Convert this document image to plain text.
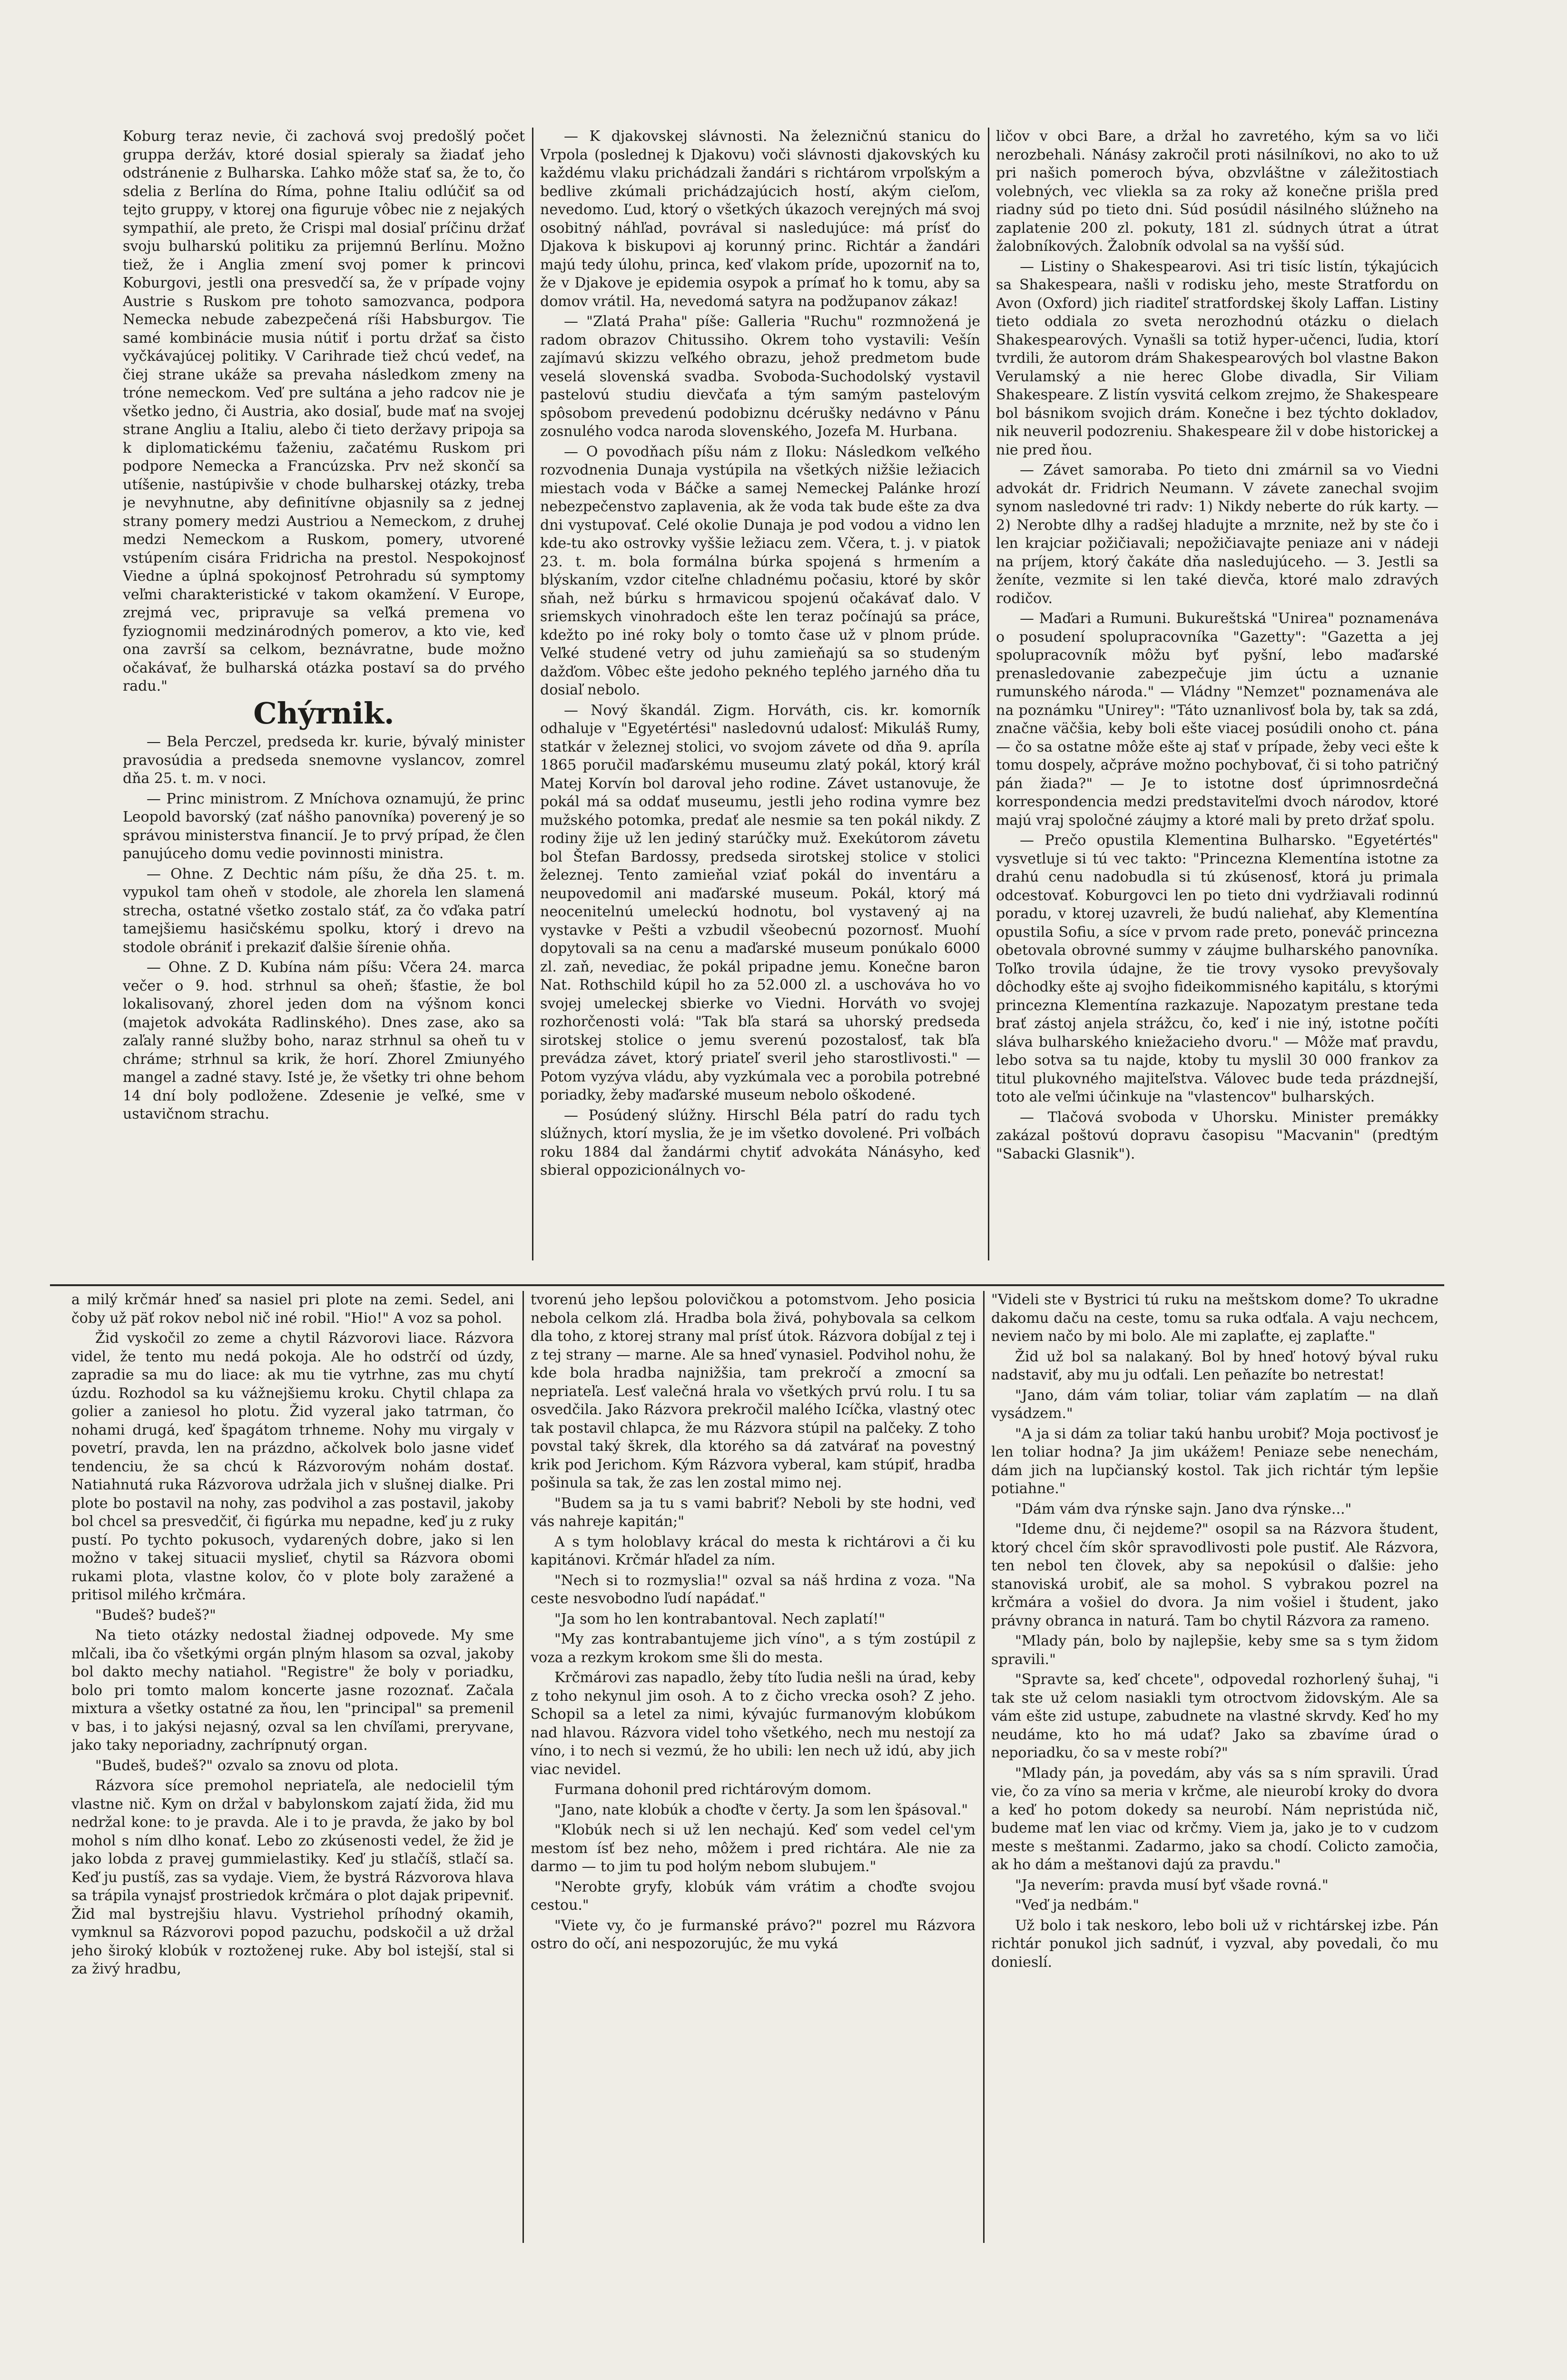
Koburg teraz nevie, či zachová svoj predošlý počet gruppa deržáv, ktoré dosial spieraly sa žiadať jeho odstránenie z Bulharska. Ľahko môže stať sa, že to, čo sdelia z Berlína do Ríma, pohne Italiu odlúčiť sa od tejto gruppy, v ktorej ona figuruje vôbec nie z nejakých sympathií, ale preto, že Crispi mal dosiaľ príčinu držať svoju bulharskú politiku za prijemnú Berlínu. Možno tiež, že i Anglia zmení svoj pomer k princovi Koburgovi, jestli ona presvedčí sa, že v prípade vojny Austrie s Ruskom pre tohoto samozvanca, podpora Nemecka nebude zabezpečená ríši Habsburgov. Tie samé kombinácie musia nútiť i portu držať sa čisto vyčkávajúcej politiky. V Carihrade tiež chcú vedeť, na čiej strane ukáže sa prevaha následkom zmeny na tróne nemeckom. Veď pre sultána a jeho radcov nie je všetko jedno, či Austria, ako dosiaľ, bude mať na svojej strane Angliu a Italiu, alebo či tieto deržavy pripoja sa k diplomatickému ťaženiu, začatému Ruskom pri podpore Nemecka a Francúzska. Prv než skončí sa utíšenie, nastúpivšie v chode bulharskej otázky, treba je nevyhnutne, aby definitívne objasnily sa z jednej strany pomery medzi Austriou a Nemeckom, z druhej medzi Nemeckom a Ruskom, pomery, utvorené vstúpením cisára Fridricha na prestol. Nespokojnosť Viedne a úplná spokojnosť Petrohradu sú symptomy veľmi charakteristické v takom okamžení. V Europe, zrejmá vec, pripravuje sa veľká premena vo fyziognomii medzinárodných pomerov, a kto vie, keď ona završí sa celkom, beznávratne, bude možno očakávať, že bulharská otázka postaví sa do prvého radu."

Chýrnik.

— Bela Perczel, predseda kr. kurie, bývalý minister pravosúdia a predseda snemovne vyslancov, zomrel dňa 25. t. m. v noci.

— Princ ministrom. Z Mníchova oznamujú, že princ Leopold bavorský (zať nášho panovníka) poverený je so správou ministerstva financií. Je to prvý prípad, že člen panujúceho domu vedie povinnosti ministra.

— Ohne. Z Dechtic nám píšu, že dňa 25. t. m. vypukol tam oheň v stodole, ale zhorela len slamená strecha, ostatné všetko zostalo stáť, za čo vďaka patrí tamejšiemu hasičskému spolku, ktorý i drevo na stodole obrániť i prekaziť ďalšie šírenie ohňa.

— Ohne. Z D. Kubína nám píšu: Včera 24. marca večer o 9. hod. strhnul sa oheň; šťastie, že bol lokalisovaný, zhorel jeden dom na výšnom konci (majetok advokáta Radlinského). Dnes zase, ako sa zaľaly ranné služby boho, naraz strhnul sa oheň tu v chráme; strhnul sa krik, že horí. Zhorel Zmiunyého mangel a zadné stavy. Isté je, že všetky tri ohne behom 14 dní boly podložene. Zdesenie je veľké, sme v ustavičnom strachu.

— K djakovskej slávnosti. Na železničnú stanicu do Vrpola (poslednej k Djakovu) voči slávnosti djakovských ku každému vlaku prichádzali žandári s richtárom vrpoľským a bedlive zkúmali prichádzajúcich hostí, akým cieľom, nevedomo. Ľud, ktorý o všetkých úkazoch verejných má svoj osobitný náhľad, povrával si nasledujúce: má prísť do Djakova k biskupovi aj korunný princ. Richtár a žandári majú tedy úlohu, princa, keď vlakom príde, upozorniť na to, že v Djakove je epidemia osypok a prímať ho k tomu, aby sa domov vrátil. Ha, nevedomá satyra na podžupanov zákaz!

— "Zlatá Praha" píše: Galleria "Ruchu" rozmnožená je radom obrazov Chitussiho. Okrem toho vystavili: Vešín zajímavú skizzu veľkého obrazu, jehož predmetom bude veselá slovenská svadba. Svoboda-Suchodolský vystavil pastelovú studiu dievčaťa a tým samým pastelovým spôsobom prevedenú podobiznu dcérušky nedávno v Pánu zosnulého vodca naroda slovenského, Jozefa M. Hurbana.

— O povodňach píšu nám z Iloku: Následkom veľkého rozvodnenia Dunaja vystúpila na všetkých nižšie ležiacich miestach voda v Báčke a samej Nemeckej Palánke hrozí nebezpečenstvo zaplavenia, ak že voda tak bude ešte za dva dni vystupovať. Celé okolie Dunaja je pod vodou a vidno len kde-tu ako ostrovky vyššie ležiacu zem. Včera, t. j. v piatok 23. t. m. bola formálna búrka spojená s hrmením a blýskaním, vzdor citeľne chladnému počasiu, ktoré by skôr sňah, než búrku s hrmavicou spojenú očakávať dalo. V sriemskych vinohradoch ešte len teraz počínajú sa práce, kdežto po iné roky boly o tomto čase už v plnom prúde. Veľké studené vetry od juhu zamieňajú sa so studeným dažďom. Vôbec ešte jedoho pekného teplého jarného dňa tu dosiaľ nebolo.

— Nový škandál. Zigm. Horváth, cis. kr. komorník odhaluje v "Egyetértési" nasledovnú udalosť: Mikuláš Rumy, statkár v železnej stolici, vo svojom závete od dňa 9. apríla 1865 poručil maďarskému museumu zlatý pokál, ktorý kráľ Matej Korvín bol daroval jeho rodine. Závet ustanovuje, že pokál má sa oddať museumu, jestli jeho rodina vymre bez mužského potomka, predať ale nesmie sa ten pokál nikdy. Z rodiny žije už len jediný starúčky muž. Exekútorom závetu bol Štefan Bardossy, predseda sirotskej stolice v stolici železnej. Tento zamieňal vziať pokál do inventáru a neupovedomil ani maďarské museum. Pokál, ktorý má neocenitelnú umeleckú hodnotu, bol vystavený aj na vystavke v Pešti a vzbudil všeobecnú pozornosť. Muohí dopytovali sa na cenu a maďarské museum ponúkalo 6000 zl. zaň, nevediac, že pokál pripadne jemu. Konečne baron Nat. Rothschild kúpil ho za 52.000 zl. a uschováva ho vo svojej umeleckej sbierke vo Viedni. Horváth vo svojej rozhorčenosti volá: "Tak bľa stará sa uhorský predseda sirotskej stolice o jemu sverenú pozostalosť, tak bľa prevádza závet, ktorý priateľ sveril jeho starostlivosti." — Potom vyzýva vládu, aby vyzkúmala vec a porobila potrebné poriadky, žeby maďarské museum nebolo oškodené.

— Posúdený slúžny. Hirschl Béla patrí do radu tych slúžnych, ktorí myslia, že je im všetko dovolené. Pri voľbách roku 1884 dal žandármi chytiť advokáta Nánásyho, keď sbieral oppozicionálnych vo-

ličov v obci Bare, a držal ho zavretého, kým sa vo liči nerozbehali. Nánásy zakročil proti násilníkovi, no ako to už pri našich pomeroch býva, obzvláštne v záležitostiach volebných, vec vliekla sa za roky až konečne prišla pred riadny súd po tieto dni. Súd posúdil násilného slúžneho na zaplatenie 200 zl. pokuty, 181 zl. súdnych útrat a útrat žalobníkových. Žalobník odvolal sa na vyšší súd.

— Listiny o Shakespearovi. Asi tri tisíc listín, týkajúcich sa Shakespeara, našli v rodisku jeho, meste Stratfordu on Avon (Oxford) jich riaditeľ stratfordskej školy Laffan. Listiny tieto oddiala zo sveta nerozhodnú otázku o dielach Shakespearových. Vynašli sa totiž hyper-učenci, ľudia, ktorí tvrdili, že autorom drám Shakespearových bol vlastne Bakon Verulamský a nie herec Globe divadla, Sir Viliam Shakespeare. Z listín vysvitá celkom zrejmo, že Shakespeare bol básnikom svojich drám. Konečne i bez týchto dokladov, nik neuveril podozreniu. Shakespeare žil v dobe historickej a nie pred ňou.

— Závet samoraba. Po tieto dni zmárnil sa vo Viedni advokát dr. Fridrich Neumann. V závete zanechal svojim synom nasledovné tri radv: 1) Nikdy neberte do rúk karty. — 2) Nerobte dlhy a radšej hladujte a mrznite, než by ste čo i len krajciar požičiavali; nepožičiavajte peniaze ani v nádeji na príjem, ktorý čakáte dňa nasledujúceho. — 3. Jestli sa ženíte, vezmite si len také dievča, ktoré malo zdravých rodičov.

— Maďari a Rumuni. Bukureštská "Unirea" poznamenáva o posudení spolupracovníka "Gazetty": "Gazetta a jej spolupracovník môžu byť pyšní, lebo maďarské prenasledovanie zabezpečuje jim úctu a uznanie rumunského národa." — Vládny "Nemzet" poznamenáva ale na poznámku "Unirey": "Táto uznanlivosť bola by, tak sa zdá, značne väčšia, keby boli ešte viacej posúdili onoho ct. pána — čo sa ostatne môže ešte aj stať v prípade, žeby veci ešte k tomu dospely, ačpráve možno pochybovať, či si toho patričný pán žiada?" — Je to istotne dosť úprimnosrdečná korrespondencia medzi predstaviteľmi dvoch národov, ktoré majú vraj spoločné záujmy a ktoré mali by preto držať spolu.

— Prečo opustila Klementina Bulharsko. "Egyetértés" vysvetluje si tú vec takto: "Princezna Klementína istotne za drahú cenu nadobudla si tú zkúsenosť, ktorá ju primala odcestovať. Koburgovci len po tieto dni vydržiavali rodinnú poradu, v ktorej uzavreli, že budú naliehať, aby Klementína opustila Sofiu, a síce v prvom rade preto, poneváč princezna obetovala obrovné summy v záujme bulharského panovníka. Toľko trovila údajne, že tie trovy vysoko prevyšovaly dôchodky ešte aj svojho fideikommisného kapitálu, s ktorými princezna Klementína razkazuje. Napozatym prestane teda brať zástoj anjela strážcu, čo, keď i nie iný, istotne počíti sláva bulharského kniežacieho dvoru." — Môže mať pravdu, lebo sotva sa tu najde, ktoby tu myslil 30 000 frankov za titul plukovného majiteľstva. Válovec bude teda prázdnejší, toto ale veľmi účinkuje na "vlastencov" bulharských.

— Tlačová svoboda v Uhorsku. Minister premákky zakázal poštovú dopravu časopisu "Macvanin" (predtým "Sabacki Glasnik").

a milý krčmár hneď sa nasiel pri plote na zemi. Sedel, ani čoby už päť rokov nebol nič iné robil. "Hio!" A voz sa pohol.

Žid vyskočil zo zeme a chytil Rázvorovi liace. Rázvora videl, že tento mu nedá pokoja. Ale ho odstrčí od úzdy, zapradie sa mu do liace: ak mu tie vytrhne, zas mu chytí úzdu. Rozhodol sa ku vážnejšiemu kroku. Chytil chlapa za golier a zaniesol ho plotu. Žid vyzeral jako tatrman, čo nohami drugá, keď špagátom trhneme. Nohy mu virgaly v povetrí, pravda, len na prázdno, ačkolvek bolo jasne videť tendenciu, že sa chcú k Rázvorovým nohám dostať. Natiahnutá ruka Rázvorova udržala jich v slušnej dialke. Pri plote bo postavil na nohy, zas podvihol a zas postavil, jakoby bol chcel sa presvedčiť, či figúrka mu nepadne, keď ju z ruky pustí. Po tychto pokusoch, vydarených dobre, jako si len možno v takej situacii myslieť, chytil sa Rázvora obomi rukami plota, vlastne kolov, čo v plote boly zaražené a pritisol milého krčmára.

"Budeš? budeš?"

Na tieto otázky nedostal žiadnej odpovede. My sme mlčali, iba čo všetkými orgán plným hlasom sa ozval, jakoby bol dakto mechy natiahol. "Registre" že boly v poriadku, bolo pri tomto malom koncerte jasne rozoznať. Začala mixtura a všetky ostatné za ňou, len "principal" sa premenil v bas, i to jakýsi nejasný, ozval sa len chvíľami, preryvane, jako taky neporiadny, zachrípnutý organ.

"Budeš, budeš?" ozvalo sa znovu od plota.

Rázvora síce premohol nepriateľa, ale nedocielil tým vlastne nič. Kym on držal v babylonskom zajatí žida, žid mu nedržal kone: to je pravda. Ale i to je pravda, že jako by bol mohol s ním dlho konať. Lebo zo zkúsenosti vedel, že žid je jako lobda z pravej gummielastiky. Keď ju stlačíš, stlačí sa. Keď ju pustíš, zas sa vydaje. Viem, že bystrá Rázvorova hlava sa trápila vynajsť prostriedok krčmára o plot dajak pripevniť. Žid mal bystrejšiu hlavu. Vystriehol príhodný okamih, vymknul sa Rázvorovi popod pazuchu, podskočil a už držal jeho široký klobúk v roztoženej ruke. Aby bol istejší, stal si za živý hradbu,

tvorenú jeho lepšou polovičkou a potomstvom. Jeho posicia nebola celkom zlá. Hradba bola živá, pohybovala sa celkom dla toho, z ktorej strany mal prísť útok. Rázvora dobíjal z tej i z tej strany — marne. Ale sa hneď vynasiel. Podvihol nohu, že kde bola hradba najnižšia, tam prekročí a zmocní sa nepriateľa. Lesť valečná hrala vo všetkých prvú rolu. I tu sa osvedčila. Jako Rázvora prekročil malého Icíčka, vlastný otec tak postavil chlapca, že mu Rázvora stúpil na palčeky. Z toho povstal taký škrek, dla ktorého sa dá zatvárať na povestný krik pod Jerichom. Kým Rázvora vyberal, kam stúpiť, hradba pošinula sa tak, že zas len zostal mimo nej.

"Budem sa ja tu s vami babriť? Neboli by ste hodni, veď vás nahreje kapitán;"

A s tym holoblavy krácal do mesta k richtárovi a či ku kapitánovi. Krčmár hľadel za ním.

"Nech si to rozmyslia!" ozval sa náš hrdina z voza. "Na ceste nesvobodno ľudí napádať."

"Ja som ho len kontrabantoval. Nech zaplatí!"

"My zas kontrabantujeme jich víno", a s tým zostúpil z voza a rezkym krokom sme šli do mesta.

Krčmárovi zas napadlo, žeby títo ľudia nešli na úrad, keby z toho nekynul jim osoh. A to z čicho vrecka osoh? Z jeho. Schopil sa a letel za nimi, kývajúc furmanovým klobúkom nad hlavou. Rázvora videl toho všetkého, nech mu nestojí za víno, i to nech si vezmú, že ho ubili: len nech už idú, aby jich viac nevidel.

Furmana dohonil pred richtárovým domom.

"Jano, nate klobúk a choďte v čerty. Ja som len špásoval."

"Klobúk nech si už len nechajú. Keď som vedel cel'ym mestom ísť bez neho, môžem i pred richtára. Ale nie za darmo — to jim tu pod holým nebom slubujem."

"Nerobte gryfy, klobúk vám vrátim a choďte svojou cestou."

"Viete vy, čo je furmanské právo?" pozrel mu Rázvora ostro do očí, ani nespozorujúc, že mu vyká

"Videli ste v Bystrici tú ruku na meštskom dome? To ukradne dakomu daču na ceste, tomu sa ruka odťala. A vaju nechcem, neviem načo by mi bolo. Ale mi zaplaťte, ej zaplaťte."

Žid už bol sa nalakaný. Bol by hneď hotový býval ruku nadstaviť, aby mu ju odťali. Len peňazíte bo netrestat!

"Jano, dám vám toliar, toliar vám zaplatím — na dlaň vysádzem."

"A ja si dám za toliar takú hanbu urobiť? Moja poctivosť je len toliar hodna? Ja jim ukážem! Peniaze sebe nenechám, dám jich na lupčianský kostol. Tak jich richtár tým lepšie potiahne."

"Dám vám dva rýnske sajn. Jano dva rýnske..."

"Ideme dnu, či nejdeme?" osopil sa na Rázvora študent, ktorý chcel čím skôr spravodlivosti pole pustiť. Ale Rázvora, ten nebol ten človek, aby sa nepokúsil o ďalšie: jeho stanoviská urobiť, ale sa mohol. S vybrakou pozrel na krčmára a vošiel do dvora. Ja nim vošiel i študent, jako právny obranca in naturá. Tam bo chytil Rázvora za rameno.

"Mlady pán, bolo by najlepšie, keby sme sa s tym židom spravili."

"Spravte sa, keď chcete", odpovedal rozhorlený šuhaj, "i tak ste už celom nasiakli tym otroctvom židovským. Ale sa vám ešte zid ustupe, zabudnete na vlastné skrvdy. Keď ho my neudáme, kto ho má udať? Jako sa zbavíme úrad o neporiadku, čo sa v meste robí?"

"Mlady pán, ja povedám, aby vás sa s ním spravili. Úrad vie, čo za víno sa meria v krčme, ale nieurobí kroky do dvora a keď ho potom dokedy sa neurobí. Nám nepristúda nič, budeme mať len viac od krčmy. Viem ja, jako je to v cudzom meste s meštanmi. Zadarmo, jako sa chodí. Colicto zamočia, ak ho dám a meštanovi dajú za pravdu."

"Ja neverím: pravda musí byť všade rovná."

"Veď ja nedbám."

Už bolo i tak neskoro, lebo boli už v richtárskej izbe. Pán richtár ponukol jich sadnúť, i vyzval, aby povedali, čo mu donieslí.
